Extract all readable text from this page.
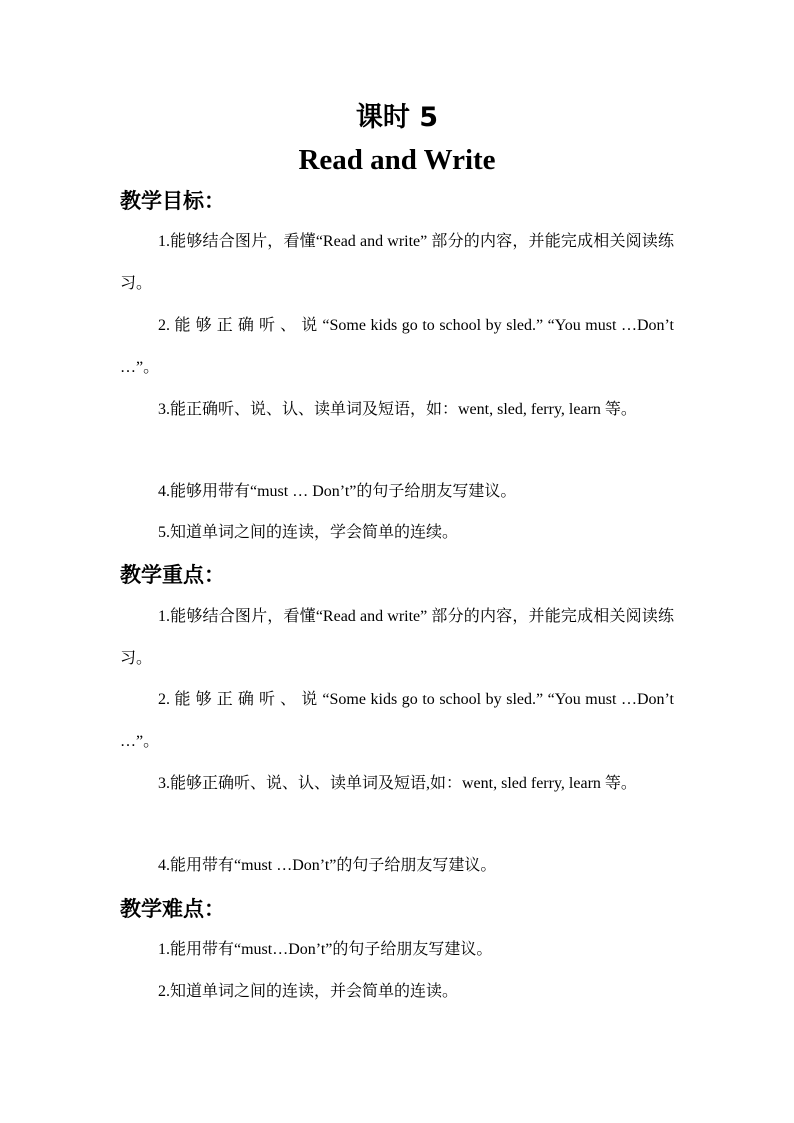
课时 5
Read and Write
教学目标：
1.能够结合图片，看懂“Read and write” 部分的内容，并能完成相关阅读练习。
2. 能 够 正 确 听 、 说 “Some kids go to school by sled.” “You must …Don’t …”。
3.能正确听、说、认、读单词及短语，如：went, sled, ferry, learn 等。
4.能够用带有“must … Don’t”的句子给朋友写建议。
5.知道单词之间的连读，学会简单的连续。
教学重点：
1.能够结合图片，看懂“Read and write” 部分的内容，并能完成相关阅读练习。
2. 能 够 正 确 听 、 说 “Some kids go to school by sled.” “You must …Don’t …”。
3.能够正确听、说、认、读单词及短语,如：went, sled ferry, learn 等。
4.能用带有“must …Don’t”的句子给朋友写建议。
教学难点：
1.能用带有“must…Don’t”的句子给朋友写建议。
2.知道单词之间的连读，并会简单的连读。
